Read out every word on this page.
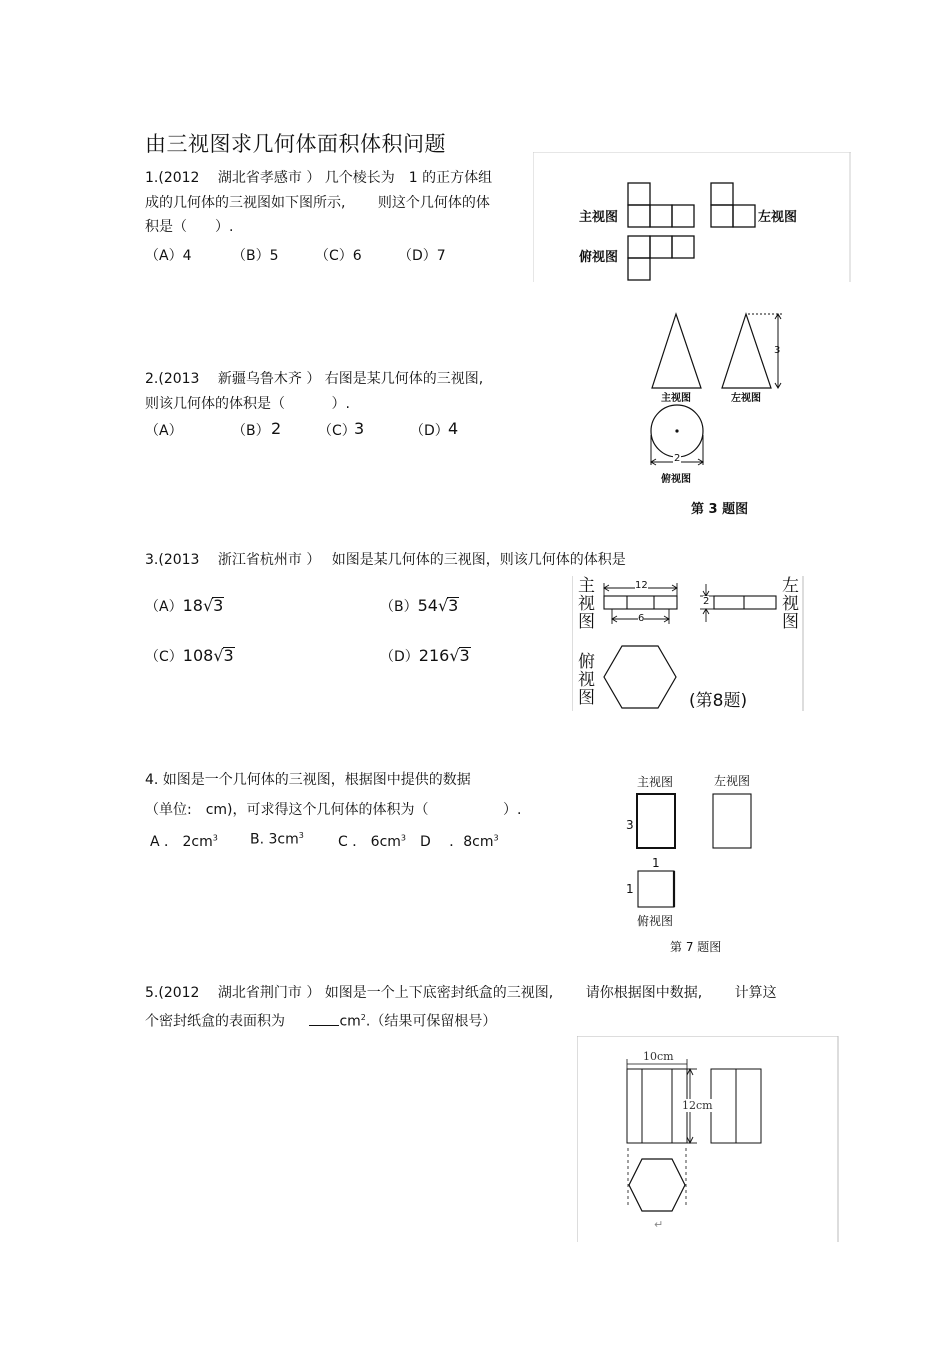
由三视图求几何体面积体积问题
1.(2012　 湖北省孝感市 ） 几个棱长为　1 的正方体组
成的几何体的三视图如下图所示,　　 则这个几何体的体
积是（　　）.
（A）4	（B）5	（C）6	（D）7
主视图	左视图
俯视图
2.(2013　 新疆乌鲁木齐 ） 右图是某几何体的三视图,
则该几何体的体积是（　　　 ）.
（A）	（B） 2	（C）
3	（D） 4
3
主视图	左视图
2
俯视图
第 3 题图
3.(2013　 浙江省杭州市 ）　 如图是某几何体的三视图，则该几何体的体积是
（A）18√3	（B）54√3
（C）108√3	（D）216√3
主视图
左视图
俯视图
12
6
2
(第8题)
4. 如图是一个几何体的三视图，根据图中提供的数据
（单位:　cm)，可求得这个几何体的体积为（　　　　　 ）.
A ． $2cm^3$ B. $3cm^3$ C ． $6cm^3$ D 　．$8cm^3$
主视图	左视图
3
1
1
俯视图
第 7 题图
5.(2012　 湖北省荆门市 ） 如图是一个上下底密封纸盒的三视图,　　 请你根据图中数据,　　 计算这
个密封纸盒的表面积为	$cm^2$.（结果可保留根号）
10cm
12cm
↵
